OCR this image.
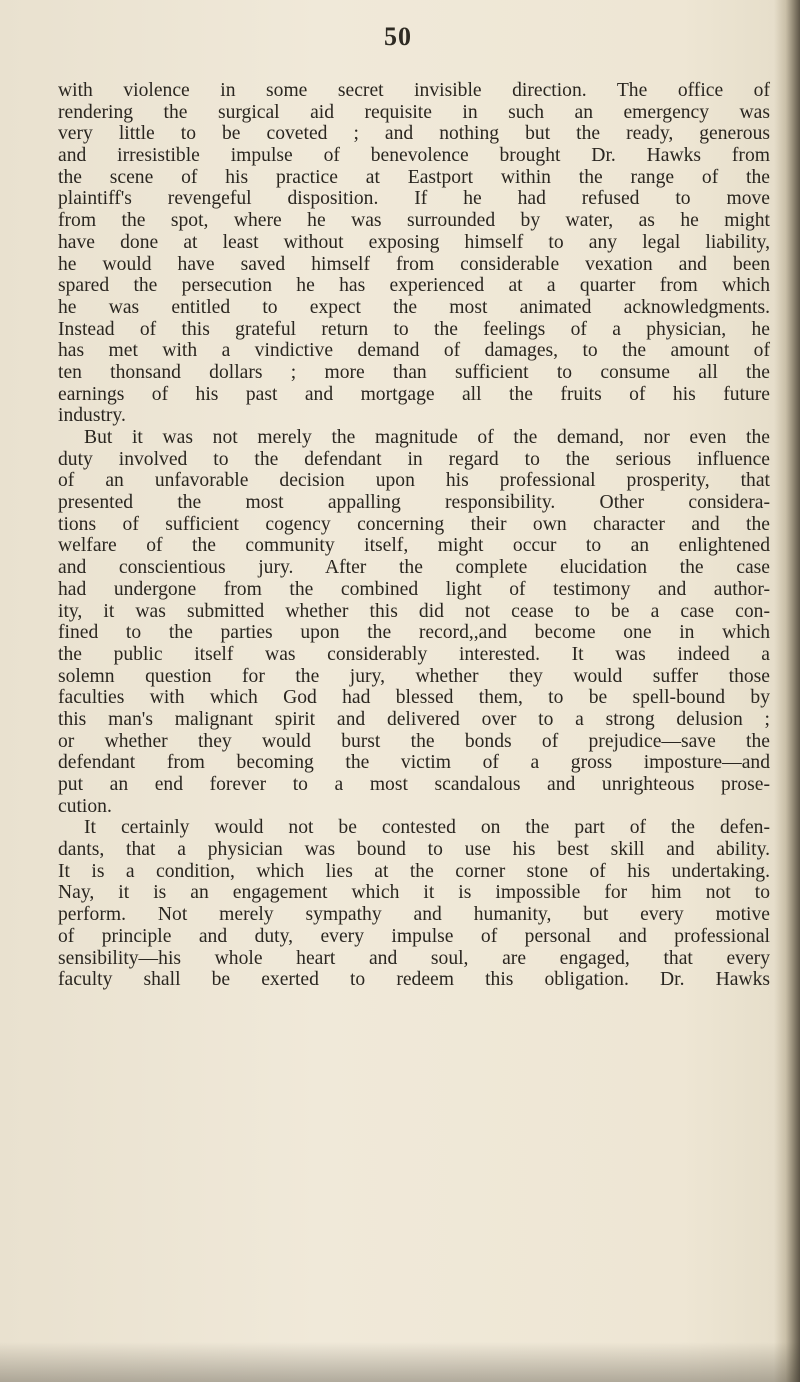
50
with violence in some secret invisible direction. The office of
rendering the surgical aid requisite in such an emergency was
very little to be coveted ; and nothing but the ready, generous
and irresistible impulse of benevolence brought Dr. Hawks from
the scene of his practice at Eastport within the range of the
plaintiff's revengeful disposition. If he had refused to move
from the spot, where he was surrounded by water, as he might
have done at least without exposing himself to any legal liability,
he would have saved himself from considerable vexation and been
spared the persecution he has experienced at a quarter from which
he was entitled to expect the most animated acknowledgments.
Instead of this grateful return to the feelings of a physician, he
has met with a vindictive demand of damages, to the amount of
ten thonsand dollars ; more than sufficient to consume all the
earnings of his past and mortgage all the fruits of his future
industry.
But it was not merely the magnitude of the demand, nor even the
duty involved to the defendant in regard to the serious influence
of an unfavorable decision upon his professional prosperity, that
presented the most appalling responsibility. Other considera-
tions of sufficient cogency concerning their own character and the
welfare of the community itself, might occur to an enlightened
and conscientious jury. After the complete elucidation the case
had undergone from the combined light of testimony and author-
ity, it was submitted whether this did not cease to be a case con-
fined to the parties upon the record,,and become one in which
the public itself was considerably interested. It was indeed a
solemn question for the jury, whether they would suffer those
faculties with which God had blessed them, to be spell-bound by
this man's malignant spirit and delivered over to a strong delusion ;
or whether they would burst the bonds of prejudice—save the
defendant from becoming the victim of a gross imposture—and
put an end forever to a most scandalous and unrighteous prose-
cution.
It certainly would not be contested on the part of the defen-
dants, that a physician was bound to use his best skill and ability.
It is a condition, which lies at the corner stone of his undertaking.
Nay, it is an engagement which it is impossible for him not to
perform. Not merely sympathy and humanity, but every motive
of principle and duty, every impulse of personal and professional
sensibility—his whole heart and soul, are engaged, that every
faculty shall be exerted to redeem this obligation. Dr. Hawks
